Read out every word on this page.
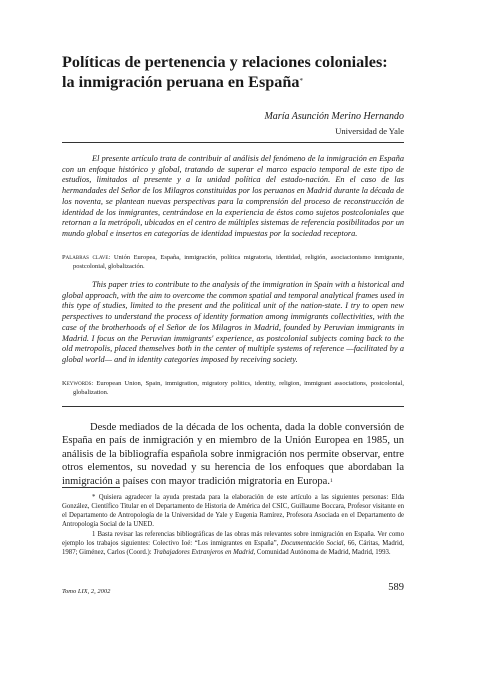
Políticas de pertenencia y relaciones coloniales:
la inmigración peruana en España*
María Asunción Merino Hernando
Universidad de Yale

El presente artículo trata de contribuir al análisis del fenómeno de la inmigración en España con un enfoque histórico y global, tratando de superar el marco espacio temporal de este tipo de estudios, limitados al presente y a la unidad política del estado-nación. En el caso de las hermandades del Señor de los Milagros constituidas por los peruanos en Madrid durante la década de los noventa, se plantean nuevas perspectivas para la comprensión del proceso de reconstrucción de identidad de los inmigrantes, centrándose en la experiencia de éstos como sujetos postcoloniales que retornan a la metrópoli, ubicados en el centro de múltiples sistemas de referencia posibilitados por un mundo global e insertos en categorías de identidad impuestas por la sociedad receptora.

Palabras clave: Unión Europea, España, inmigración, política migratoria, identidad, religión, asociacionismo inmigrante, postcolonial, globalización.

This paper tries to contribute to the analysis of the immigration in Spain with a historical and global approach, with the aim to overcome the common spatial and temporal analytical frames used in this type of studies, limited to the present and the political unit of the nation-state. I try to open new perspectives to understand the process of identity formation among immigrants collectivities, with the case of the brotherhoods of el Señor de los Milagros in Madrid, founded by Peruvian immigrants in Madrid. I focus on the Peruvian immigrants' experience, as postcolonial subjects coming back to the old metropolis, placed themselves both in the center of multiple systems of reference —facilitated by a global world— and in identity categories imposed by receiving society.

Keywords: European Union, Spain, immigration, migratory politics, identity, religion, immigrant associations, postcolonial, globalization.

Desde mediados de la década de los ochenta, dada la doble conversión de España en país de inmigración y en miembro de la Unión Europea en 1985, un análisis de la bibliografía española sobre inmigración nos permite observar, entre otros elementos, su novedad y su herencia de los enfoques que abordaban la inmigración a países con mayor tradición migratoria en Europa.$^1$

* Quisiera agradecer la ayuda prestada para la elaboración de este artículo a las siguientes personas: Elda González, Científico Titular en el Departamento de Historia de América del CSIC, Guillaume Boccara, Profesor visitante en el Departamento de Antropología de la Universidad de Yale y Eugenia Ramírez, Profesora Asociada en el Departamento de Antropología Social de la UNED.

1 Basta revisar las referencias bibliográficas de las obras más relevantes sobre inmigración en España. Ver como ejemplo los trabajos siguientes: Colectivo Ioé: “Los inmigrantes en España”, Documentación Social, 66, Cáritas, Madrid, 1987; Giménez, Carlos (Coord.): Trabajadores Extranjeros en Madrid, Comunidad Autónoma de Madrid, Madrid, 1993.

Tomo LIX, 2, 2002	589
